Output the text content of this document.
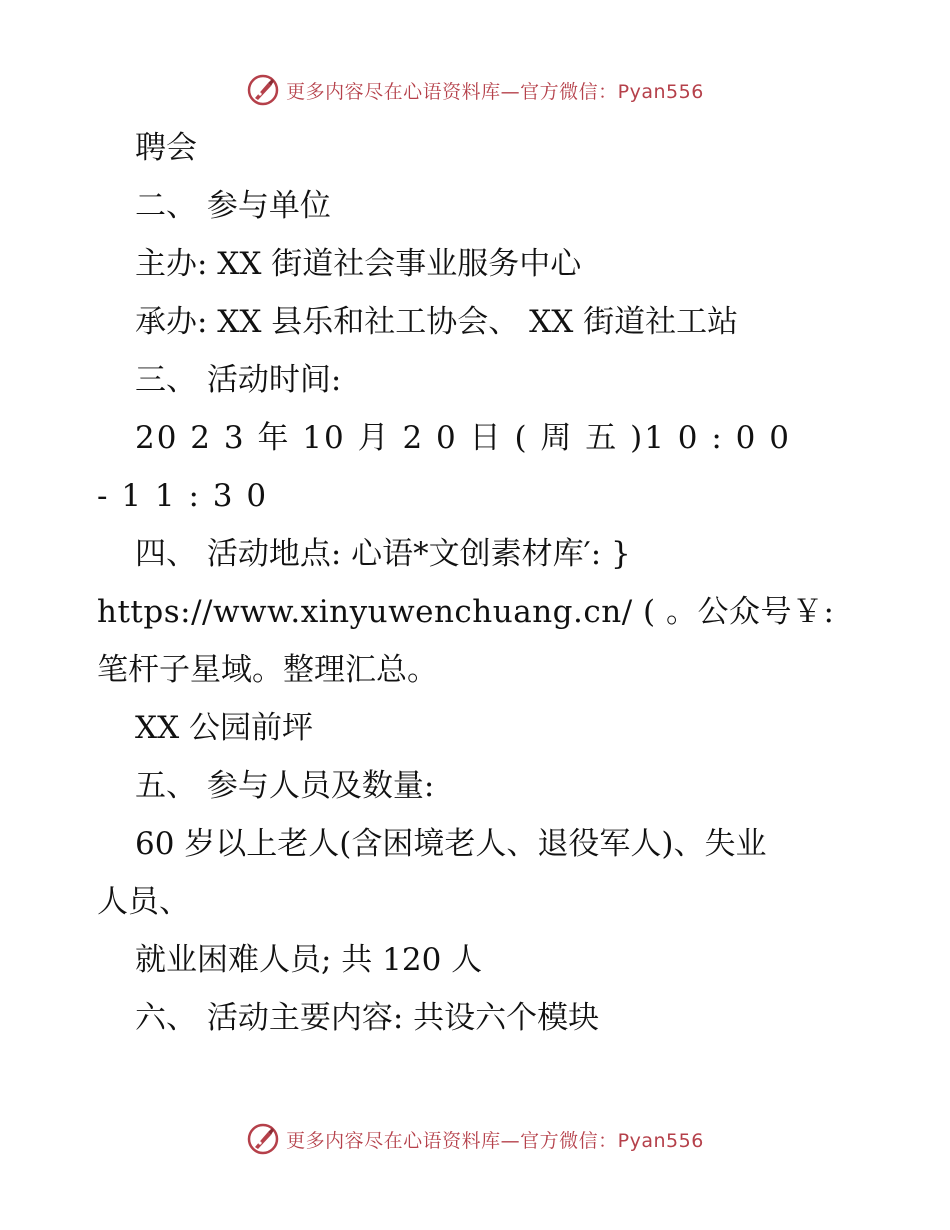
更多内容尽在心语资料库—官方微信：Pyan556
聘会
二、 参与单位
主办: XX 街道社会事业服务中心
承办: XX 县乐和社工协会、 XX 街道社工站
三、 活动时间:
20 2 3 年 10 月 2 0 日 ( 周 五 )1 0 : 0 0
- 1 1 : 3 0
四、 活动地点: 心语*文创素材库′: }
https://www.xinyuwenchuang.cn/ ( 。公众号￥:
笔杆子星域。整理汇总。
XX 公园前坪
五、 参与人员及数量:
60 岁以上老人(含困境老人、退役军人)、失业
人员、
就业困难人员; 共 120 人
六、 活动主要内容: 共设六个模块
更多内容尽在心语资料库—官方微信：Pyan556
